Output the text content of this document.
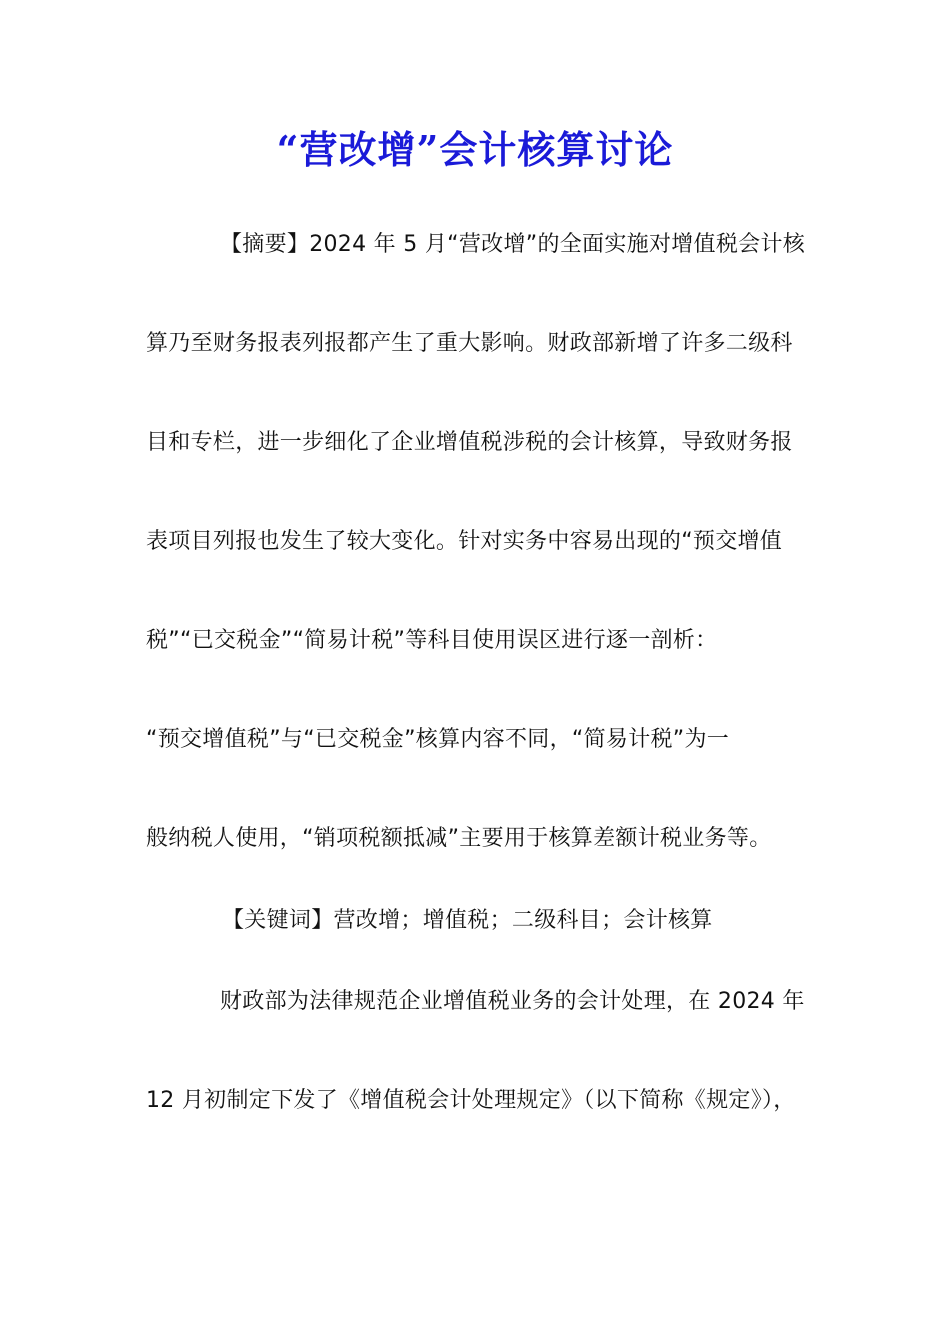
“营改增”会计核算讨论
【摘要】2024 年 5 月“营改增”的全面实施对增值税会计核
算乃至财务报表列报都产生了重大影响。财政部新增了许多二级科
目和专栏，进一步细化了企业增值税涉税的会计核算，导致财务报
表项目列报也发生了较大变化。针对实务中容易出现的“预交增值
税”“已交税金”“简易计税”等科目使用误区进行逐一剖析：
“预交增值税”与“已交税金”核算内容不同，“简易计税”为一
般纳税人使用，“销项税额抵减”主要用于核算差额计税业务等。
【关键词】营改增；增值税；二级科目；会计核算
财政部为法律规范企业增值税业务的会计处理，在 2024 年
12 月初制定下发了《增值税会计处理规定》（以下简称《规定》），
